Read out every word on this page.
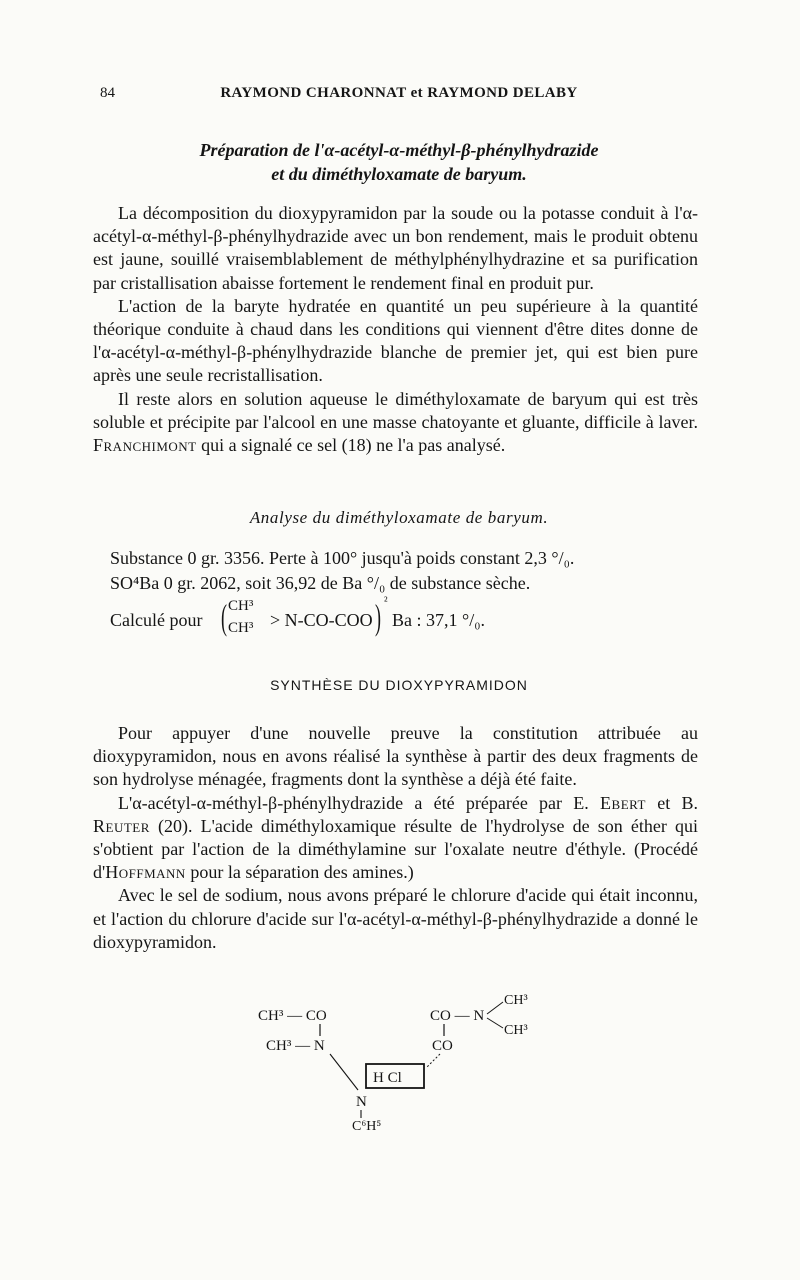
84	RAYMOND CHARONNAT et RAYMOND DELABY
Préparation de l'α-acétyl-α-méthyl-β-phénylhydrazide
et du diméthyloxamate de baryum.

La décomposition du dioxypyramidon par la soude ou la potasse conduit à l'α-acétyl-α-méthyl-β-phénylhydrazide avec un bon rendement, mais le produit obtenu est jaune, souillé vraisemblablement de méthylphénylhydrazine et sa purification par cristallisation abaisse fortement le rendement final en produit pur.

L'action de la baryte hydratée en quantité un peu supérieure à la quantité théorique conduite à chaud dans les conditions qui viennent d'être dites donne de l'α-acétyl-α-méthyl-β-phénylhydrazide blanche de premier jet, qui est bien pure après une seule recristallisation.

Il reste alors en solution aqueuse le diméthyloxamate de baryum qui est très soluble et précipite par l'alcool en une masse chatoyante et gluante, difficile à laver. Franchimont qui a signalé ce sel (18) ne l'a pas analysé.

Analyse du diméthyloxamate de baryum.
Substance 0 gr. 3356. Perte à 100° jusqu'à poids constant 2,3 °/₀.
SO⁴Ba 0 gr. 2062, soit 36,92 de Ba °/₀ de substance sèche.
Calculé pour ( CH³
CH³ > N-CO-COO ) ²
Ba : 37,1 °/₀.
SYNTHÈSE DU DIOXYPYRAMIDON

Pour appuyer d'une nouvelle preuve la constitution attribuée au dioxypyramidon, nous en avons réalisé la synthèse à partir des deux fragments de son hydrolyse ménagée, fragments dont la synthèse a déjà été faite.

L'α-acétyl-α-méthyl-β-phénylhydrazide a été préparée par E. Ebert et B. Reuter (20). L'acide diméthyloxamique résulte de l'hydrolyse de son éther qui s'obtient par l'action de la diméthylamine sur l'oxalate neutre d'éthyle. (Procédé d'Hoffmann pour la séparation des amines.)

Avec le sel de sodium, nous avons préparé le chlorure d'acide qui était inconnu, et l'action du chlorure d'acide sur l'α-acétyl-α-méthyl-β-phénylhydrazide a donné le dioxypyramidon.

CH³ — CO
CH³ — N
CO — N
CO
CH³
CH³
H Cl
N
C⁶H⁵
